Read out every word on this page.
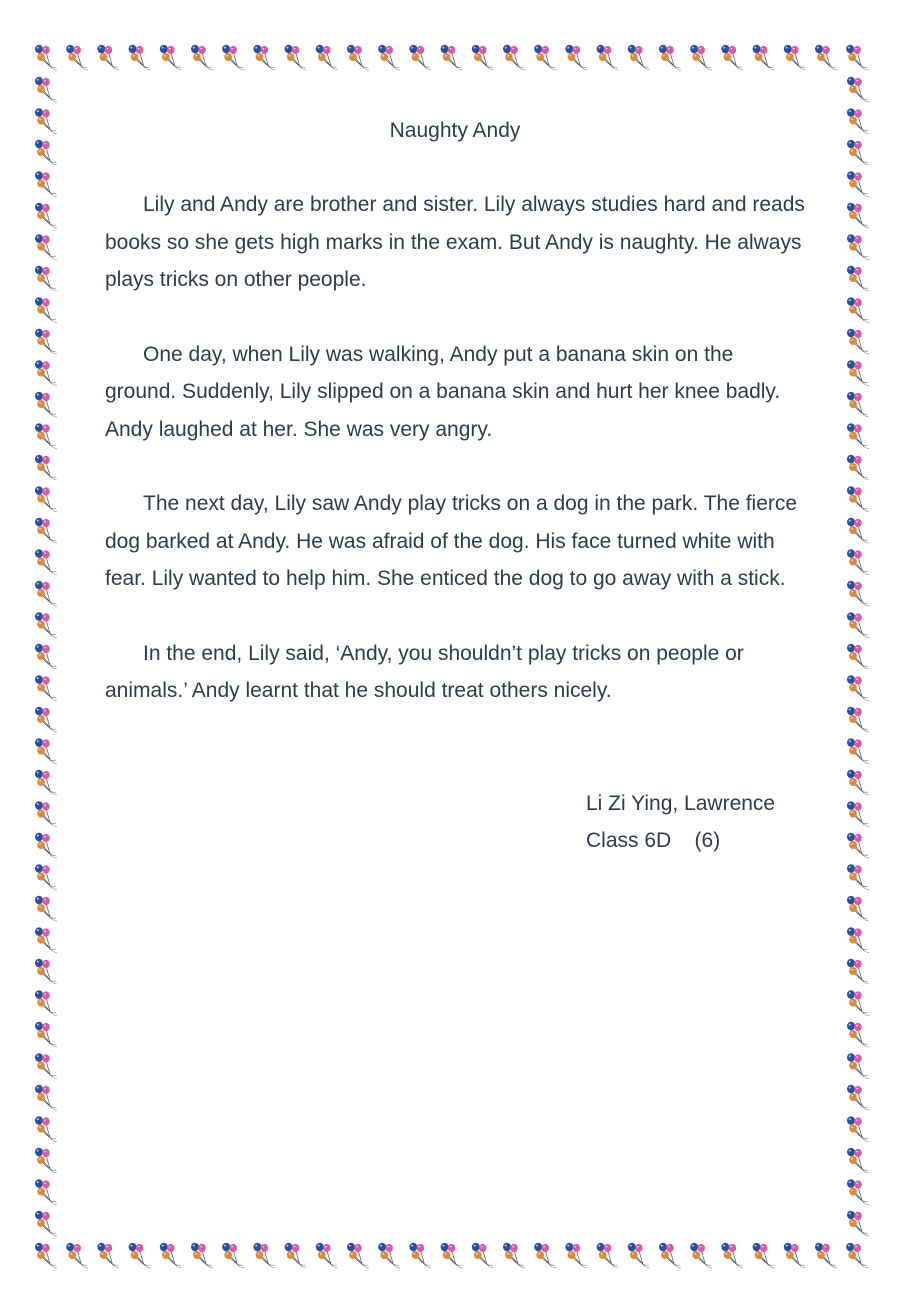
Naughty Andy

Lily and Andy are brother and sister. Lily always studies hard and reads books so she gets high marks in the exam. But Andy is naughty. He always plays tricks on other people.

One day, when Lily was walking, Andy put a banana skin on the ground. Suddenly, Lily slipped on a banana skin and hurt her knee badly. Andy laughed at her. She was very angry.

The next day, Lily saw Andy play tricks on a dog in the park. The fierce dog barked at Andy. He was afraid of the dog. His face turned white with fear. Lily wanted to help him. She enticed the dog to go away with a stick.

In the end, Lily said, ‘Andy, you shouldn’t play tricks on people or animals.’ Andy learnt that he should treat others nicely.

Li Zi Ying, Lawrence
Class 6D    (6)
